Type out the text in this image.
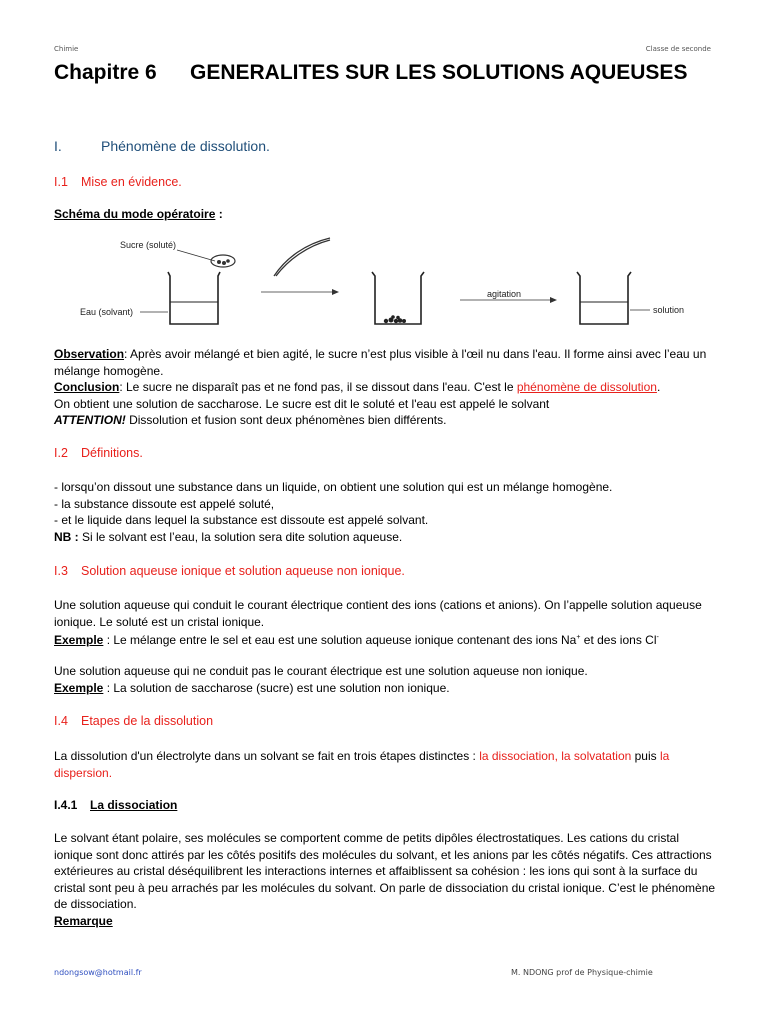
Chimie	Classe de seconde
Chapitre 6 GENERALITES SUR LES SOLUTIONS AQUEUSES
I.	Phénomène de dissolution.
I.1 Mise en évidence.
Schéma du mode opératoire :
Sucre (soluté)
Eau (solvant)
agitation
solution

Observation: Après avoir mélangé et bien agité, le sucre n’est plus visible à l'œil nu dans l'eau. Il forme ainsi avec l’eau un mélange homogène.

Conclusion: Le sucre ne disparaît pas et ne fond pas, il se dissout dans l'eau. C'est le phénomène de dissolution.

On obtient une solution de saccharose. Le sucre est dit le soluté et l'eau est appelé le solvant

ATTENTION! Dissolution et fusion sont deux phénomènes bien différents.

I.2 Définitions.

- lorsqu’on dissout une substance dans un liquide, on obtient une solution qui est un mélange homogène.

- la substance dissoute est appelé soluté,

- et le liquide dans lequel la substance est dissoute est appelé solvant.

NB : Si le solvant est l’eau, la solution sera dite solution aqueuse.

I.3 Solution aqueuse ionique et solution aqueuse non ionique.

Une solution aqueuse qui conduit le courant électrique contient des ions (cations et anions). On l’appelle solution aqueuse ionique. Le soluté est un cristal ionique.

Exemple : Le mélange entre le sel et eau est une solution aqueuse ionique contenant des ions Na+ et des ions Cl-

Une solution aqueuse qui ne conduit pas le courant électrique est une solution aqueuse non ionique.

Exemple : La solution de saccharose (sucre) est une solution non ionique.

I.4 Etapes de la dissolution

La dissolution d'un électrolyte dans un solvant se fait en trois étapes distinctes : la dissociation, la solvatation puis la dispersion.

I.4.1 La dissociation

Le solvant étant polaire, ses molécules se comportent comme de petits dipôles électrostatiques. Les cations du cristal ionique sont donc attirés par les côtés positifs des molécules du solvant, et les anions par les côtés négatifs. Ces attractions extérieures au cristal déséquilibrent les interactions internes et affaiblissent sa cohésion : les ions qui sont à la surface du cristal sont peu à peu arrachés par les molécules du solvant. On parle de dissociation du cristal ionique. C’est le phénomène de dissociation.

Remarque

ndongsow@hotmail.fr	M. NDONG prof de Physique-chimie
